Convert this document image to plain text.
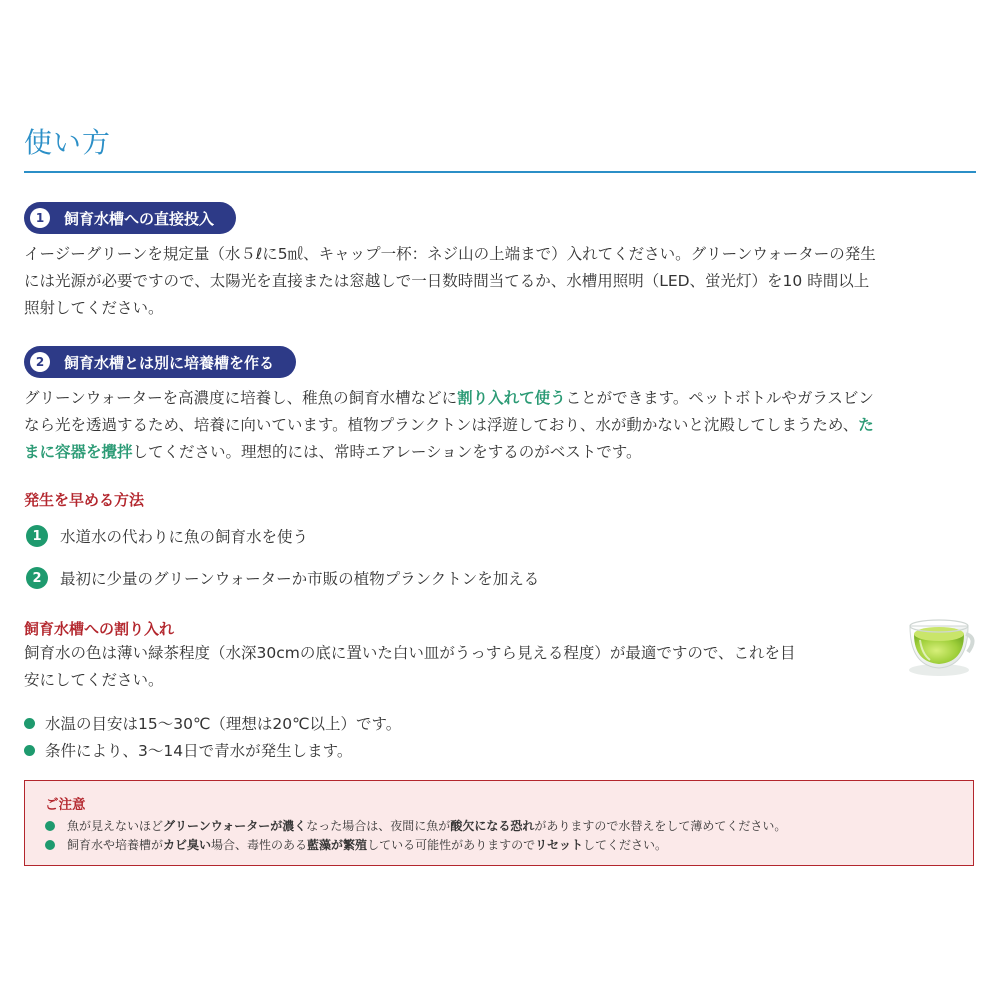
使い方
1	飼育水槽への直接投入
イージーグリーンを規定量（水５ℓに5㎖、キャップ一杯：ネジ山の上端まで）入れてください。グリーンウォーターの発生
には光源が必要ですので、太陽光を直接または窓越しで一日数時間当てるか、水槽用照明（LED、蛍光灯）を10 時間以上
照射してください。
2	飼育水槽とは別に培養槽を作る
グリーンウォーターを高濃度に培養し、稚魚の飼育水槽などに割り入れて使うことができます。ペットボトルやガラスビン
なら光を透過するため、培養に向いています。植物プランクトンは浮遊しており、水が動かないと沈殿してしまうため、た
まに容器を攪拌してください。理想的には、常時エアレーションをするのがベストです。
発生を早める方法
1	水道水の代わりに魚の飼育水を使う
2	最初に少量のグリーンウォーターか市販の植物プランクトンを加える
飼育水槽への割り入れ
飼育水の色は薄い緑茶程度（水深30cmの底に置いた白い皿がうっすら見える程度）が最適ですので、これを目
安にしてください。
水温の目安は15〜30℃（理想は20℃以上）です。
条件により、3〜14日で青水が発生します。
ご注意
魚が見えないほど グリーンウォーターが濃く なった場合は、夜間に魚が 酸欠になる恐れ がありますので水替えをして薄めてください。
飼育水や培養槽が カビ臭い 場合、毒性のある 藍藻が繁殖 している可能性がありますので リセット してください。
